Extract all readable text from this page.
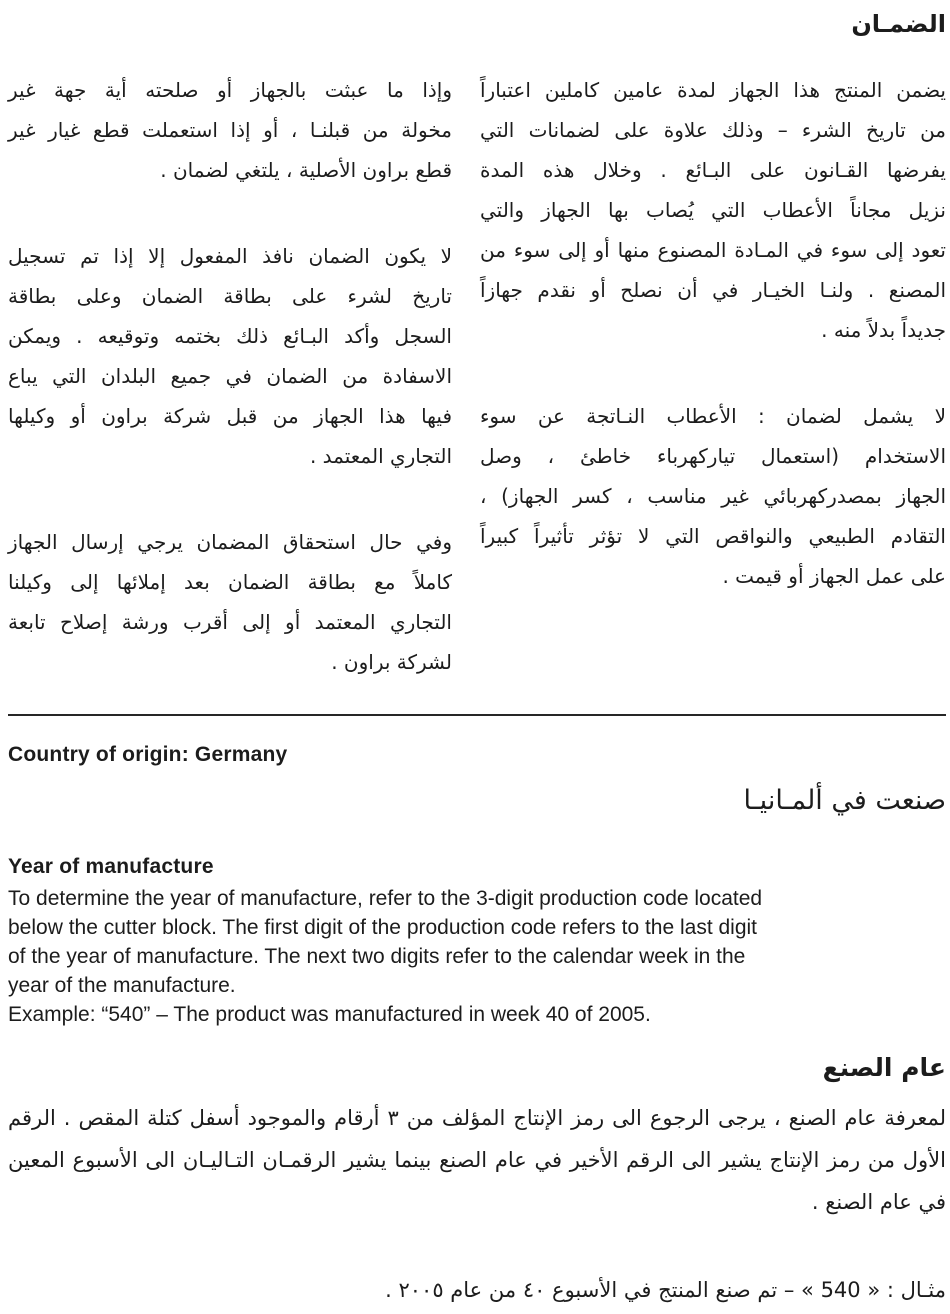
الضمـان
يضمن المنتج هذا الجهاز لمدة عامين كاملين اعتباراً
من تاريخ الشرء – وذلك علاوة على لضمانات التي
يفرضها القـانون على البـائع . وخلال هذه المدة
نزيل مجاناً الأعطاب التي يُصاب بها الجهاز والتي
تعود إلى سوء في المـادة المصنوع منها أو إلى سوء من
المصنع . ولنـا الخيـار في أن نصلح أو نقدم جهازاً
جديداً بدلاً منه .
لا يشمل لضمان : الأعطاب النـاتجة عن سوء
الاستخدام (استعمال تياركهرباء خاطئ ، وصل
الجهاز بمصدركهربائي غير مناسب ، كسر الجهاز) ،
التقادم الطبيعي والنواقص التي لا تؤثر تأثيراً كبيراً
على عمل الجهاز أو قيمت .
وإذا ما عبثت بالجهاز أو صلحته أية جهة غير
مخولة من قبلنـا ، أو إذا استعملت قطع غيار غير
قطع براون الأصلية ، يلتغي لضمان .
لا يكون الضمان نافذ المفعول إلا إذا تم تسجيل
تاريخ لشرء على بطاقة الضمان وعلى بطاقة
السجل وأكد البـائع ذلك بختمه وتوقيعه . ويمكن
الاسفادة من الضمان في جميع البلدان التي يباع
فيها هذا الجهاز من قبل شركة براون أو وكيلها
التجاري المعتمد .
وفي حال استحقاق المضمان يرجي إرسال الجهاز
كاملاً مع بطاقة الضمان بعد إملائها إلى وكيلنا
التجاري المعتمد أو إلى أقرب ورشة إصلاح تابعة
لشركة براون .
Country of origin: Germany
صنعت في ألمـانيـا
Year of manufacture
To determine the year of manufacture, refer to the 3-digit production code located
below the cutter block. The first digit of the production code refers to the last digit
of the year of manufacture. The next two digits refer to the calendar week in the
year of the manufacture.
Example: “540” – The product was manufactured in week 40 of 2005.
عام الصنع
لمعرفة عام الصنع ، يرجى الرجوع الى رمز الإنتاج المؤلف من ٣ أرقام والموجود أسفل كتلة المقص . الرقم
الأول من رمز الإنتاج يشير الى الرقم الأخير في عام الصنع بينما يشير الرقمـان التـاليـان الى الأسبوع المعين
في عام الصنع .
مثـال : « 540 » – تم صنع المنتج في الأسبوع ٤٠ من عام ٢٠٠٥ .
